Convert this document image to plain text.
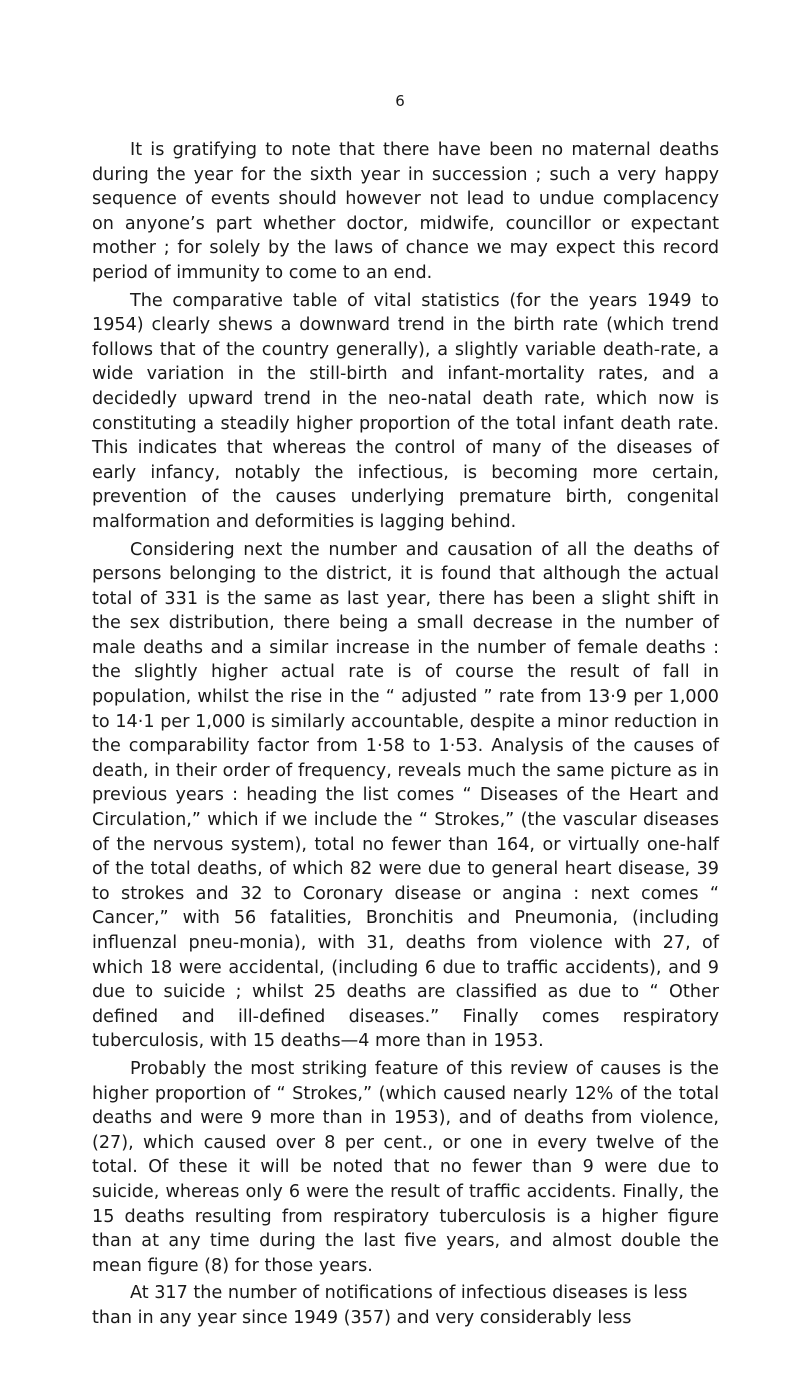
6

It is gratifying to note that there have been no maternal deaths during the year for the sixth year in succession ; such a very happy sequence of events should however not lead to undue complacency on anyone’s part whether doctor, midwife, councillor or expectant mother ; for solely by the laws of chance we may expect this record period of immunity to come to an end.

The comparative table of vital statistics (for the years 1949 to 1954) clearly shews a downward trend in the birth rate (which trend follows that of the country generally), a slightly variable death-rate, a wide variation in the still-birth and infant-mortality rates, and a decidedly upward trend in the neo-natal death rate, which now is constituting a steadily higher proportion of the total infant death rate. This indicates that whereas the control of many of the diseases of early infancy, notably the infectious, is becoming more certain, prevention of the causes underlying premature birth, congenital malformation and deformities is lagging behind.

Considering next the number and causation of all the deaths of persons belonging to the district, it is found that although the actual total of 331 is the same as last year, there has been a slight shift in the sex distribution, there being a small decrease in the number of male deaths and a similar increase in the number of female deaths : the slightly higher actual rate is of course the result of fall in population, whilst the rise in the “ adjusted ” rate from 13·9 per 1,000 to 14·1 per 1,000 is similarly accountable, despite a minor reduction in the comparability factor from 1·58 to 1·53. Analysis of the causes of death, in their order of frequency, reveals much the same picture as in previous years : heading the list comes “ Diseases of the Heart and Circulation,” which if we include the “ Strokes,” (the vascular diseases of the nervous system), total no fewer than 164, or virtually one-half of the total deaths, of which 82 were due to general heart disease, 39 to strokes and 32 to Coronary disease or angina : next comes “ Cancer,” with 56 fatalities, Bronchitis and Pneumonia, (including influenzal pneu-monia), with 31, deaths from violence with 27, of which 18 were accidental, (including 6 due to traffic accidents), and 9 due to suicide ; whilst 25 deaths are classified as due to “ Other defined and ill-defined diseases.” Finally comes respiratory tuberculosis, with 15 deaths—4 more than in 1953.

Probably the most striking feature of this review of causes is the higher proportion of “ Strokes,” (which caused nearly 12% of the total deaths and were 9 more than in 1953), and of deaths from violence, (27), which caused over 8 per cent., or one in every twelve of the total. Of these it will be noted that no fewer than 9 were due to suicide, whereas only 6 were the result of traffic accidents. Finally, the 15 deaths resulting from respiratory tuberculosis is a higher figure than at any time during the last five years, and almost double the mean figure (8) for those years.

At 317 the number of notifications of infectious diseases is less than in any year since 1949 (357) and very considerably less
